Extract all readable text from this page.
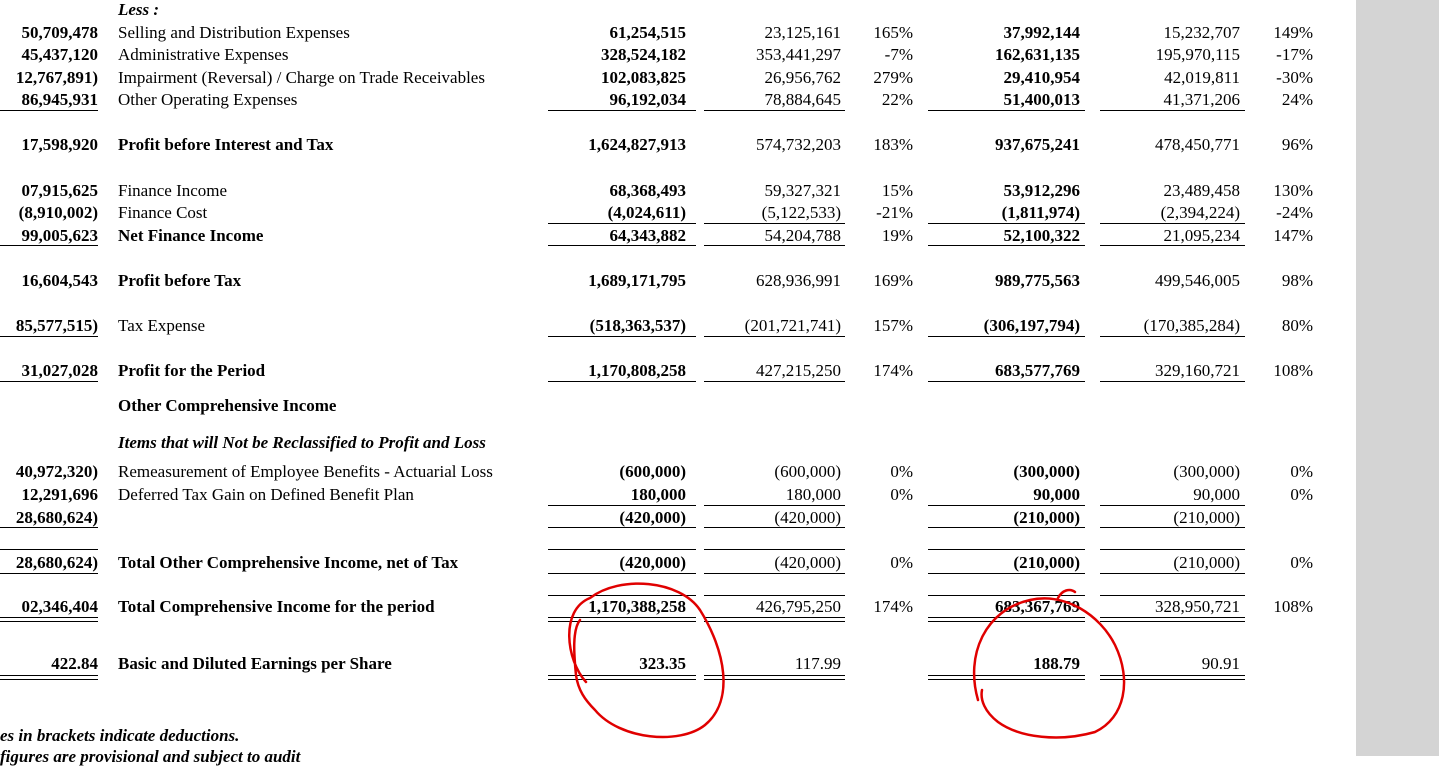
50,709,478 Selling and Distribution Expenses	61,254,515	23,125,161 165%	37,992,144	15,232,707 149%
45,437,120 Administrative Expenses	328,524,182	353,441,297	-7%	162,631,135	195,970,115 -17%
12,767,891) Impairment (Reversal) / Charge on Trade Receivables	102,083,825	26,956,762 279%	29,410,954	42,019,811 -30%
86,945,931 Other Operating Expenses	96,192,034	78,884,645 22%	51,400,013	41,371,206 24%
17,598,920 Profit before Interest and Tax	1,624,827,913	574,732,203 183%	937,675,241	478,450,771 96%
07,915,625 Finance Income	68,368,493	59,327,321 15%	53,912,296	23,489,458 130%
(8,910,002) Finance Cost	(4,024,611)	(5,122,533) -21%	(1,811,974)	(2,394,224) -24%
99,005,623 Net Finance Income	64,343,882	54,204,788 19%	52,100,322	21,095,234 147%
16,604,543 Profit before Tax	1,689,171,795	628,936,991 169%	989,775,563	499,546,005 98%
85,577,515) Tax Expense	(518,363,537)	(201,721,741) 157%	(306,197,794)	(170,385,284) 80%
31,027,028 Profit for the Period	1,170,808,258	427,215,250 174%	683,577,769	329,160,721 108%
40,972,320) Remeasurement of Employee Benefits - Actuarial Loss	(600,000)	(600,000)	0%	(300,000)	(300,000)	0%
12,291,696 Deferred Tax Gain on Defined Benefit Plan	180,000	180,000	0%	90,000	90,000	0%
28,680,624)	(420,000)	(420,000)	(210,000)	(210,000)
28,680,624) Total Other Comprehensive Income, net of Tax	(420,000)	(420,000)	0%	(210,000)	(210,000)	0%
02,346,404 Total Comprehensive Income for the period	1,170,388,258	426,795,250 174%	683,367,769	328,950,721 108%
422.84 Basic and Diluted Earnings per Share	323.35	117.99	188.79	90.91
Less :
Other Comprehensive Income
Items that will Not be Reclassified to Profit and Loss
es in brackets indicate deductions.
figures are provisional and subject to audit
